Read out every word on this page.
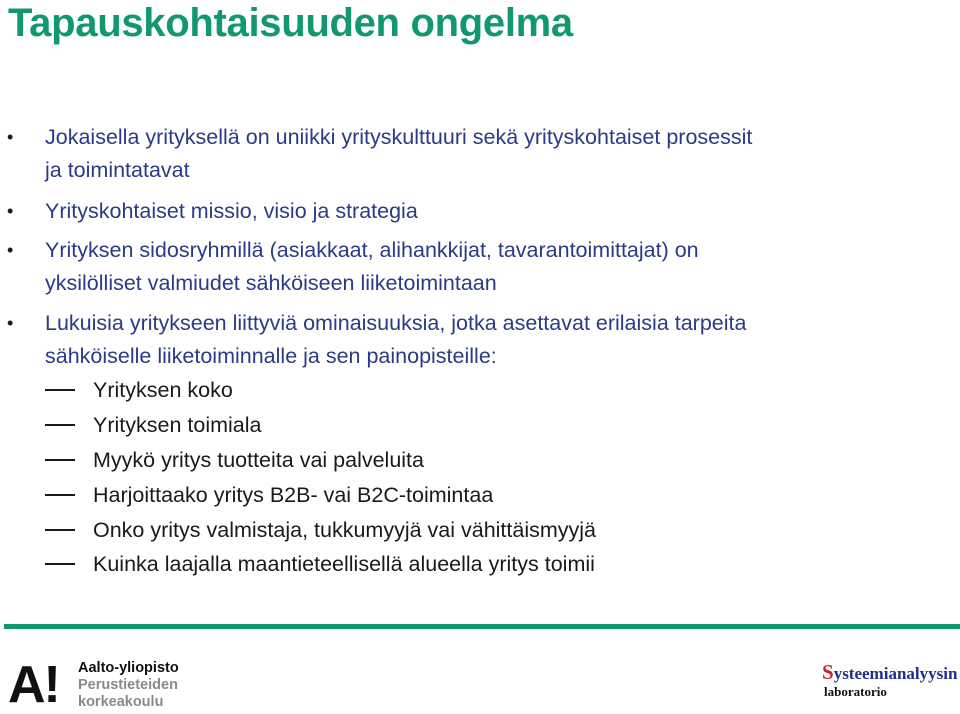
Tapauskohtaisuuden ongelma
• Jokaisella yrityksellä on uniikki yrityskulttuuri sekä yrityskohtaiset prosessit
ja toimintatavat
• Yrityskohtaiset missio, visio ja strategia
• Yrityksen sidosryhmillä (asiakkaat, alihankkijat, tavarantoimittajat) on
yksilölliset valmiudet sähköiseen liiketoimintaan
• Lukuisia yritykseen liittyviä ominaisuuksia, jotka asettavat erilaisia tarpeita
sähköiselle liiketoiminnalle ja sen painopisteille:
Yrityksen koko
Yrityksen toimiala
Myykö yritys tuotteita vai palveluita
Harjoittaako yritys B2B- vai B2C-toimintaa
Onko yritys valmistaja, tukkumyyjä vai vähittäismyyjä
Kuinka laajalla maantieteellisellä alueella yritys toimii
A! Aalto-yliopisto
Perustieteiden
korkeakoulu
Systeemianalyysin
laboratorio
